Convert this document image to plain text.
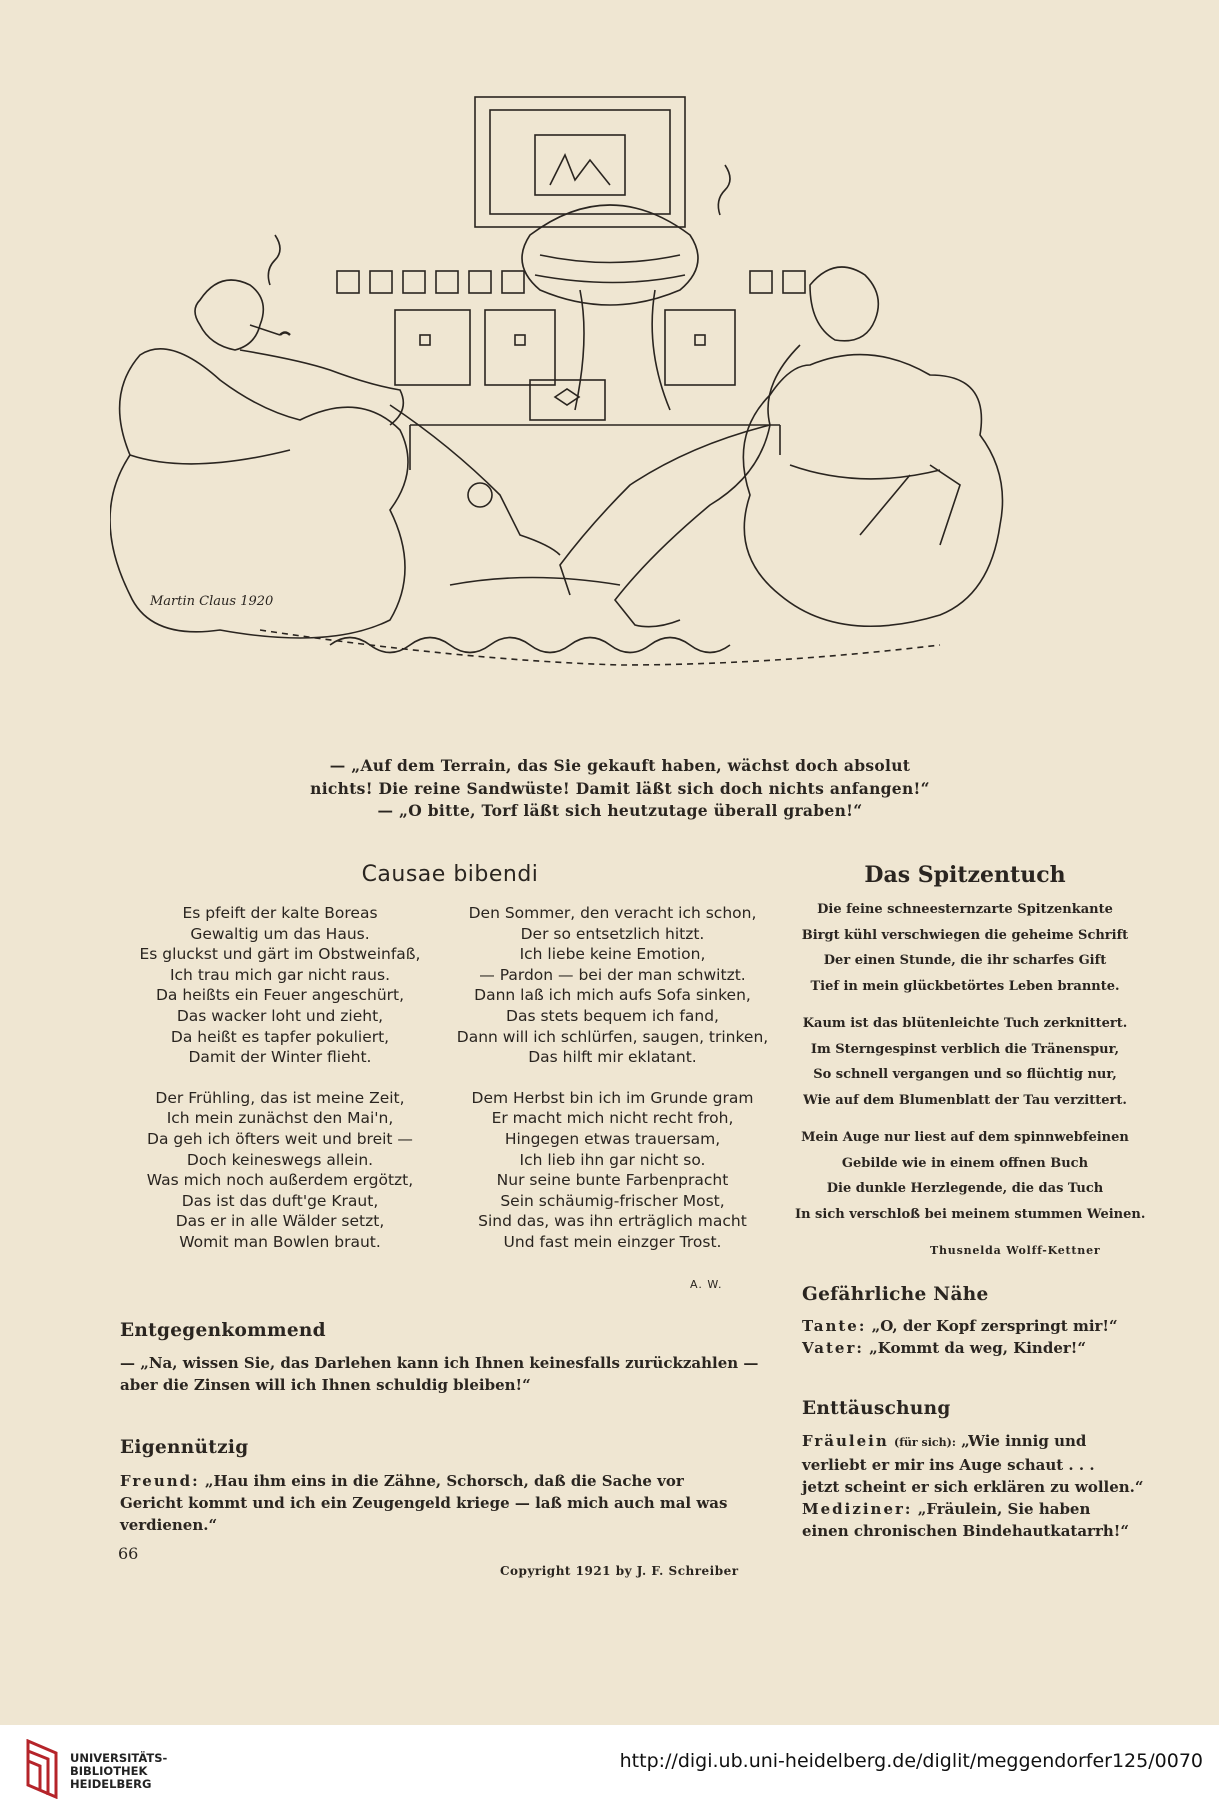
Martin Claus 1920
— „Auf dem Terrain, das Sie gekauft haben, wächst doch absolut
nichts! Die reine Sandwüste! Damit läßt sich doch nichts anfangen!“
— „O bitte, Torf läßt sich heutzutage überall graben!“
Causae bibendi
Es pfeift der kalte Boreas
Gewaltig um das Haus.
Es gluckst und gärt im Obstweinfaß,
Ich trau mich gar nicht raus.
Da heißts ein Feuer angeschürt,
Das wacker loht und zieht,
Da heißt es tapfer pokuliert,
Damit der Winter flieht.
Der Frühling, das ist meine Zeit,
Ich mein zunächst den Mai'n,
Da geh ich öfters weit und breit —
Doch keineswegs allein.
Was mich noch außerdem ergötzt,
Das ist das duft'ge Kraut,
Das er in alle Wälder setzt,
Womit man Bowlen braut.
Den Sommer, den veracht ich schon,
Der so entsetzlich hitzt.
Ich liebe keine Emotion,
— Pardon — bei der man schwitzt.
Dann laß ich mich aufs Sofa sinken,
Das stets bequem ich fand,
Dann will ich schlürfen, saugen, trinken,
Das hilft mir eklatant.
Dem Herbst bin ich im Grunde gram
Er macht mich nicht recht froh,
Hingegen etwas trauersam,
Ich lieb ihn gar nicht so.
Nur seine bunte Farbenpracht
Sein schäumig-frischer Most,
Sind das, was ihn erträglich macht
Und fast mein einzger Trost.
A. W.
Entgegenkommend
— „Na, wissen Sie, das Darlehen kann ich Ihnen keinesfalls zurückzahlen —
aber die Zinsen will ich Ihnen schuldig bleiben!“
Eigennützig
Freund: „Hau ihm eins in die Zähne, Schorsch, daß die Sache vor
Gericht kommt und ich ein Zeugengeld kriege — laß mich auch mal was
verdienen.“
Das Spitzentuch
Die feine schneesternzarte Spitzenkante
Birgt kühl verschwiegen die geheime Schrift
Der einen Stunde, die ihr scharfes Gift
Tief in mein glückbetörtes Leben brannte.
Kaum ist das blütenleichte Tuch zerknittert.
Im Sterngespinst verblich die Tränenspur,
So schnell vergangen und so flüchtig nur,
Wie auf dem Blumenblatt der Tau verzittert.
Mein Auge nur liest auf dem spinnwebfeinen
Gebilde wie in einem offnen Buch
Die dunkle Herzlegende, die das Tuch
In sich verschloß bei meinem stummen Weinen.
Thusnelda Wolff-Kettner
Gefährliche Nähe
Tante: „O, der Kopf zerspringt mir!“
Vater: „Kommt da weg, Kinder!“
Enttäuschung
Fräulein (für sich): „Wie innig und
verliebt er mir ins Auge schaut . . .
jetzt scheint er sich erklären zu wollen.“
Mediziner: „Fräulein, Sie haben
einen chronischen Bindehautkatarrh!“
66
Copyright 1921 by J. F. Schreiber
UNIVERSITÄTS-
BIBLIOTHEK
HEIDELBERG
http://digi.ub.uni-heidelberg.de/diglit/meggendorfer125/0070
